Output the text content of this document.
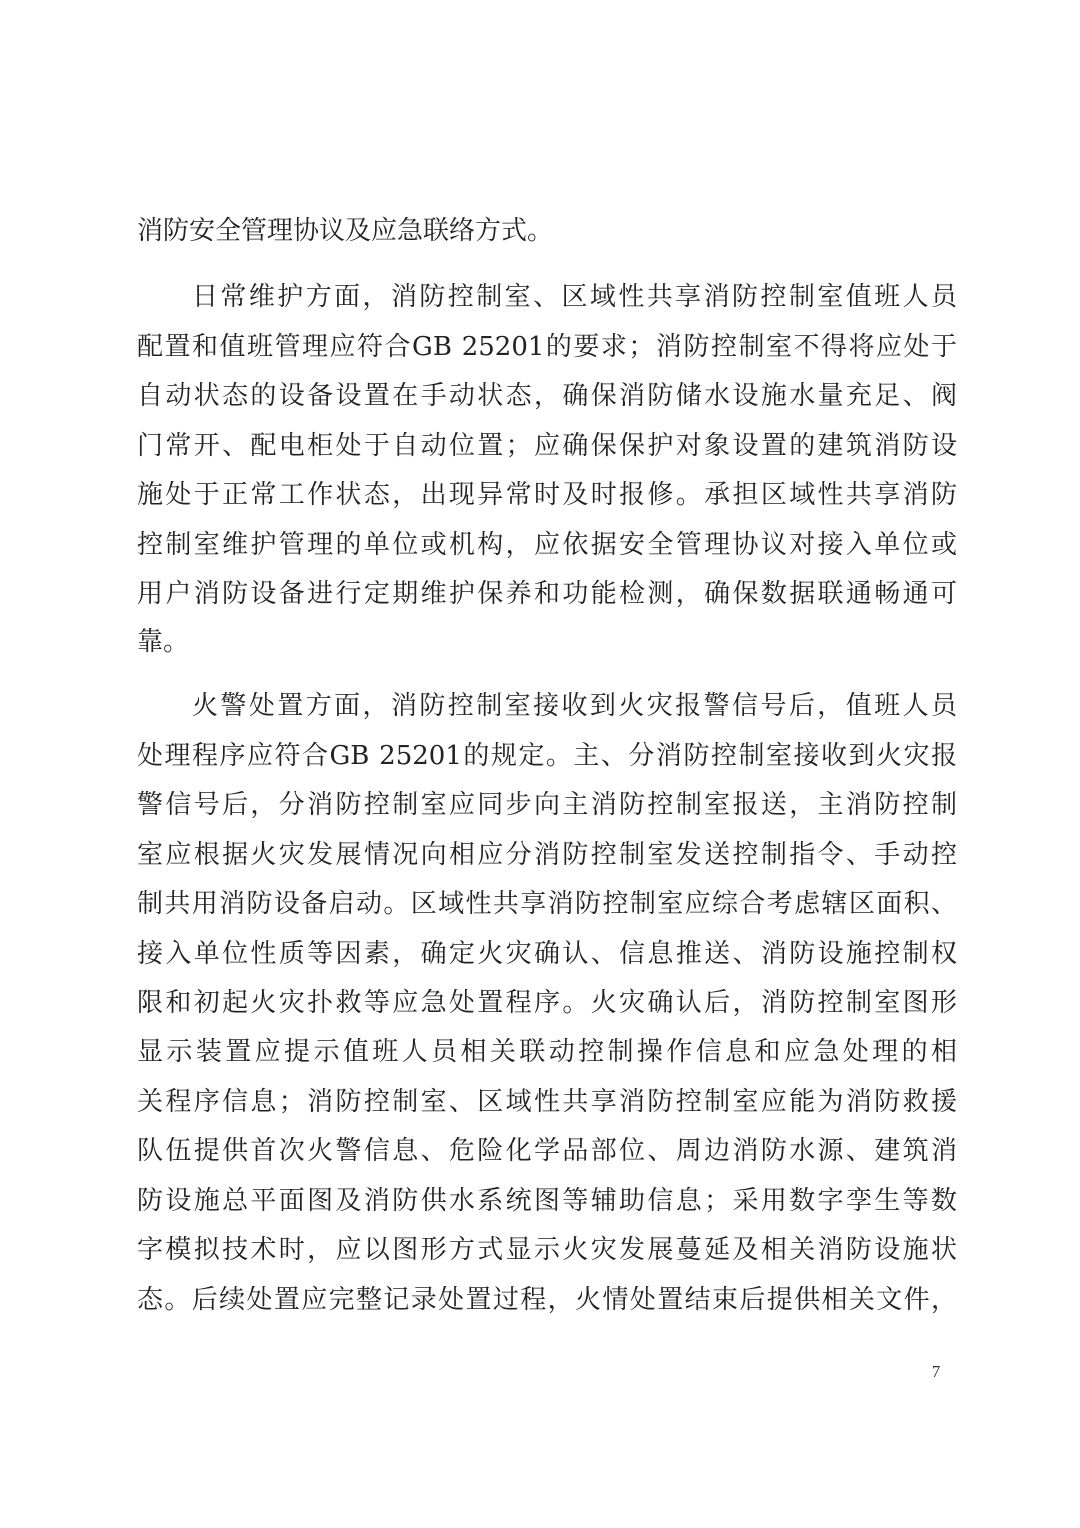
消防安全管理协议及应急联络方式。
日常维护方面，消防控制室、区域性共享消防控制室值班人员
配置和值班管理应符合GB 25201的要求；消防控制室不得将应处于
自动状态的设备设置在手动状态，确保消防储水设施水量充足、阀
门常开、配电柜处于自动位置；应确保保护对象设置的建筑消防设
施处于正常工作状态，出现异常时及时报修。承担区域性共享消防
控制室维护管理的单位或机构，应依据安全管理协议对接入单位或
用户消防设备进行定期维护保养和功能检测，确保数据联通畅通可
靠。
火警处置方面，消防控制室接收到火灾报警信号后，值班人员
处理程序应符合GB 25201的规定。主、分消防控制室接收到火灾报
警信号后，分消防控制室应同步向主消防控制室报送，主消防控制
室应根据火灾发展情况向相应分消防控制室发送控制指令、手动控
制共用消防设备启动。区域性共享消防控制室应综合考虑辖区面积、
接入单位性质等因素，确定火灾确认、信息推送、消防设施控制权
限和初起火灾扑救等应急处置程序。火灾确认后，消防控制室图形
显示装置应提示值班人员相关联动控制操作信息和应急处理的相
关程序信息；消防控制室、区域性共享消防控制室应能为消防救援
队伍提供首次火警信息、危险化学品部位、周边消防水源、建筑消
防设施总平面图及消防供水系统图等辅助信息；采用数字孪生等数
字模拟技术时，应以图形方式显示火灾发展蔓延及相关消防设施状
态。后续处置应完整记录处置过程，火情处置结束后提供相关文件，
7
